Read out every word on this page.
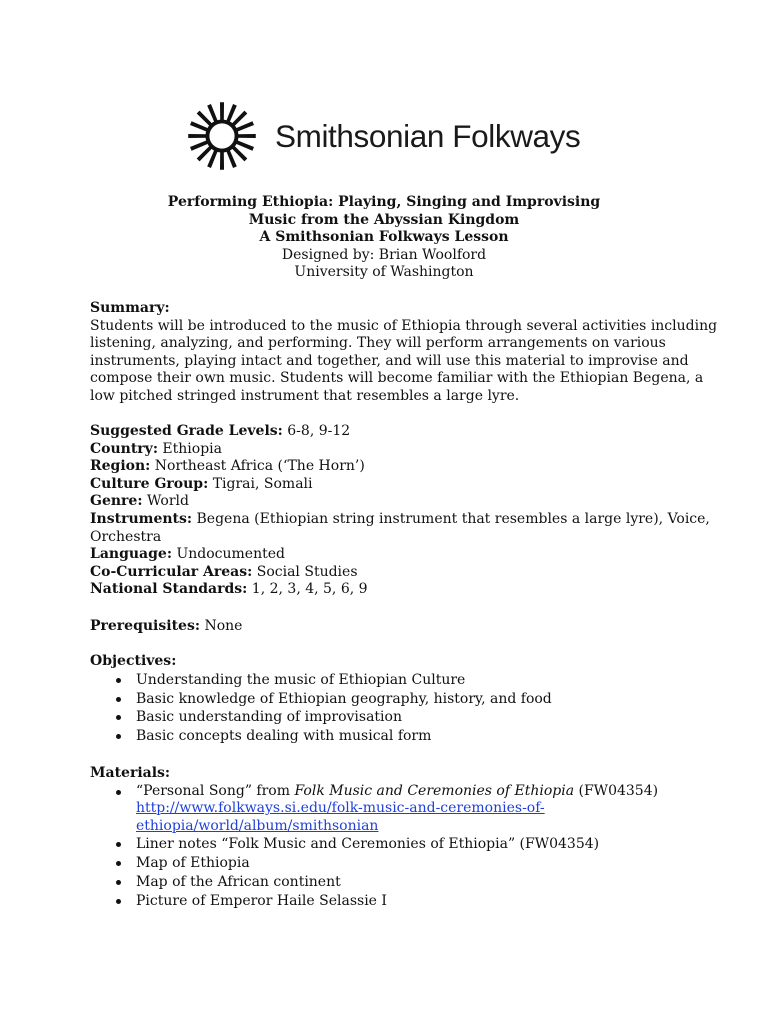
Smithsonian Folkways
Performing Ethiopia: Playing, Singing and Improvising
Music from the Abyssian Kingdom
A Smithsonian Folkways Lesson
Designed by: Brian Woolford
University of Washington
Summary:
Students will be introduced to the music of Ethiopia through several activities including
listening, analyzing, and performing. They will perform arrangements on various
instruments, playing intact and together, and will use this material to improvise and
compose their own music. Students will become familiar with the Ethiopian Begena, a
low pitched stringed instrument that resembles a large lyre.
Suggested Grade Levels: 6-8, 9-12
Country: Ethiopia
Region: Northeast Africa (‘The Horn’)
Culture Group: Tigrai, Somali
Genre: World
Instruments: Begena (Ethiopian string instrument that resembles a large lyre), Voice,
Orchestra
Language: Undocumented
Co-Curricular Areas: Social Studies
National Standards: 1, 2, 3, 4, 5, 6, 9
Prerequisites: None
Objectives:
Understanding the music of Ethiopian Culture
Basic knowledge of Ethiopian geography, history, and food
Basic understanding of improvisation
Basic concepts dealing with musical form
Materials:
“Personal Song” from Folk Music and Ceremonies of Ethiopia (FW04354)
http://www.folkways.si.edu/folk-music-and-ceremonies-of-
ethiopia/world/album/smithsonian
Liner notes “Folk Music and Ceremonies of Ethiopia” (FW04354)
Map of Ethiopia
Map of the African continent
Picture of Emperor Haile Selassie I
